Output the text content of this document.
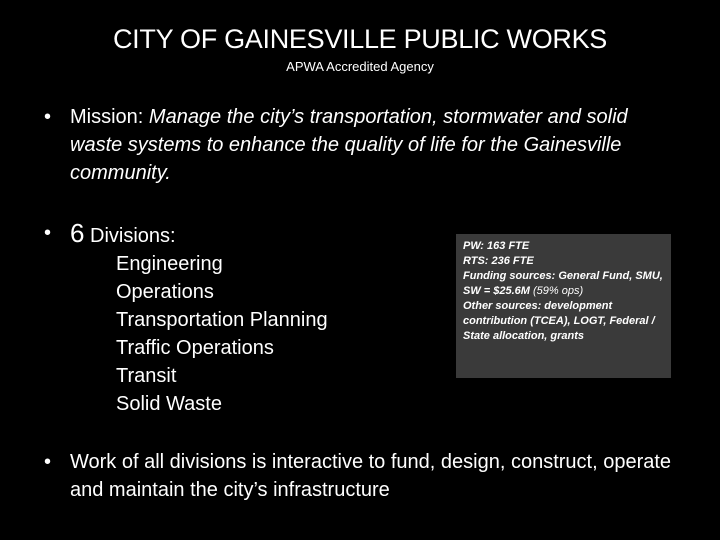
CITY OF GAINESVILLE PUBLIC WORKS
APWA Accredited Agency
• Mission: Manage the city’s transportation, stormwater and solid waste systems to enhance the quality of life for the Gainesville community.
• 6 Divisions:
Engineering
Operations
Transportation Planning
Traffic Operations
Transit
Solid Waste
PW: 163 FTE
RTS: 236 FTE
Funding sources: General Fund, SMU, SW = $25.6M (59% ops)
Other sources: development contribution (TCEA), LOGT, Federal / State allocation, grants
• Work of all divisions is interactive to fund, design, construct, operate and maintain the city’s infrastructure
